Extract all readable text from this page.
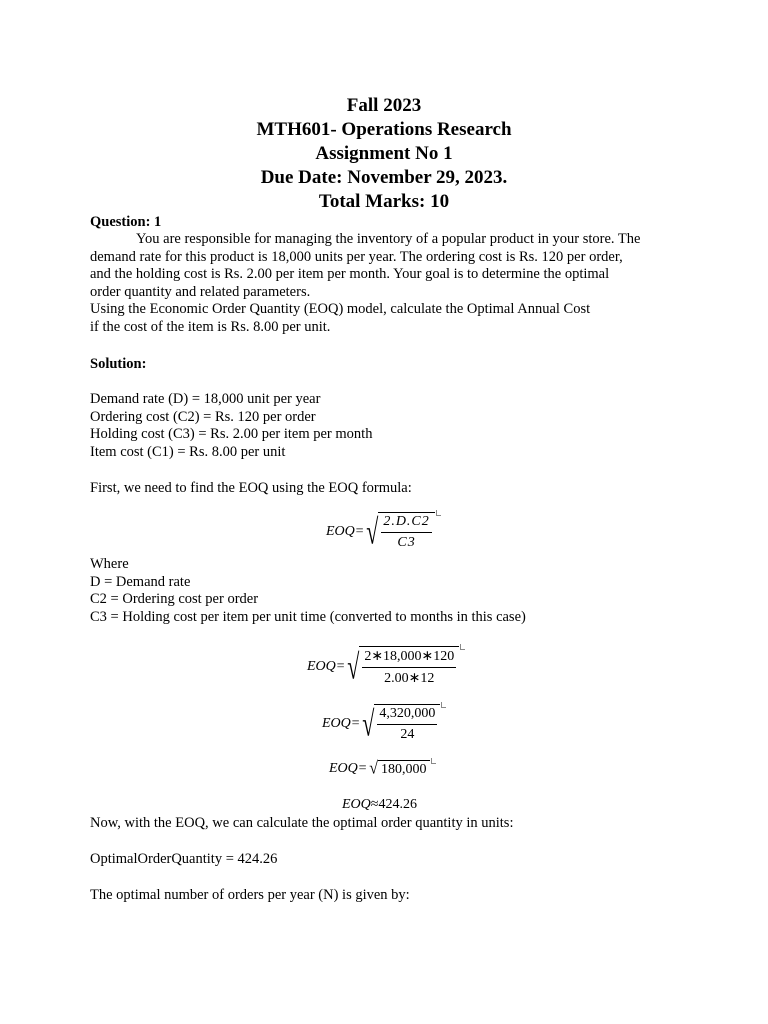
Fall 2023
MTH601- Operations Research
Assignment No 1
Due Date: November 29, 2023.
Total Marks: 10
Question: 1
You are responsible for managing the inventory of a popular product in your store. The
demand rate for this product is 18,000 units per year. The ordering cost is Rs. 120 per order,
and the holding cost is Rs. 2.00 per item per month. Your goal is to determine the optimal
order quantity and related parameters.
Using the Economic Order Quantity (EOQ) model, calculate the Optimal Annual Cost
if the cost of the item is Rs. 8.00 per unit.
Solution:
Demand rate (D) = 18,000 unit per year
Ordering cost (C2) = Rs. 120 per order
Holding cost (C3) = Rs. 2.00 per item per month
Item cost (C1) = Rs. 8.00 per unit
First, we need to find the EOQ using the EOQ formula:
EOQ= √ $\frac{2.D.C2}{C3}$
Where
D = Demand rate
C2 = Ordering cost per order
C3 = Holding cost per item per unit time (converted to months in this case)
EOQ= √ $\frac{2∗18,000∗120}{2.00∗12}$
EOQ= √ $\frac{4,320,000}{24}$
EOQ= √ 180,000
EOQ ≈ 424.26
Now, with the EOQ, we can calculate the optimal order quantity in units:
OptimalOrderQuantity = 424.26
The optimal number of orders per year (N) is given by:
